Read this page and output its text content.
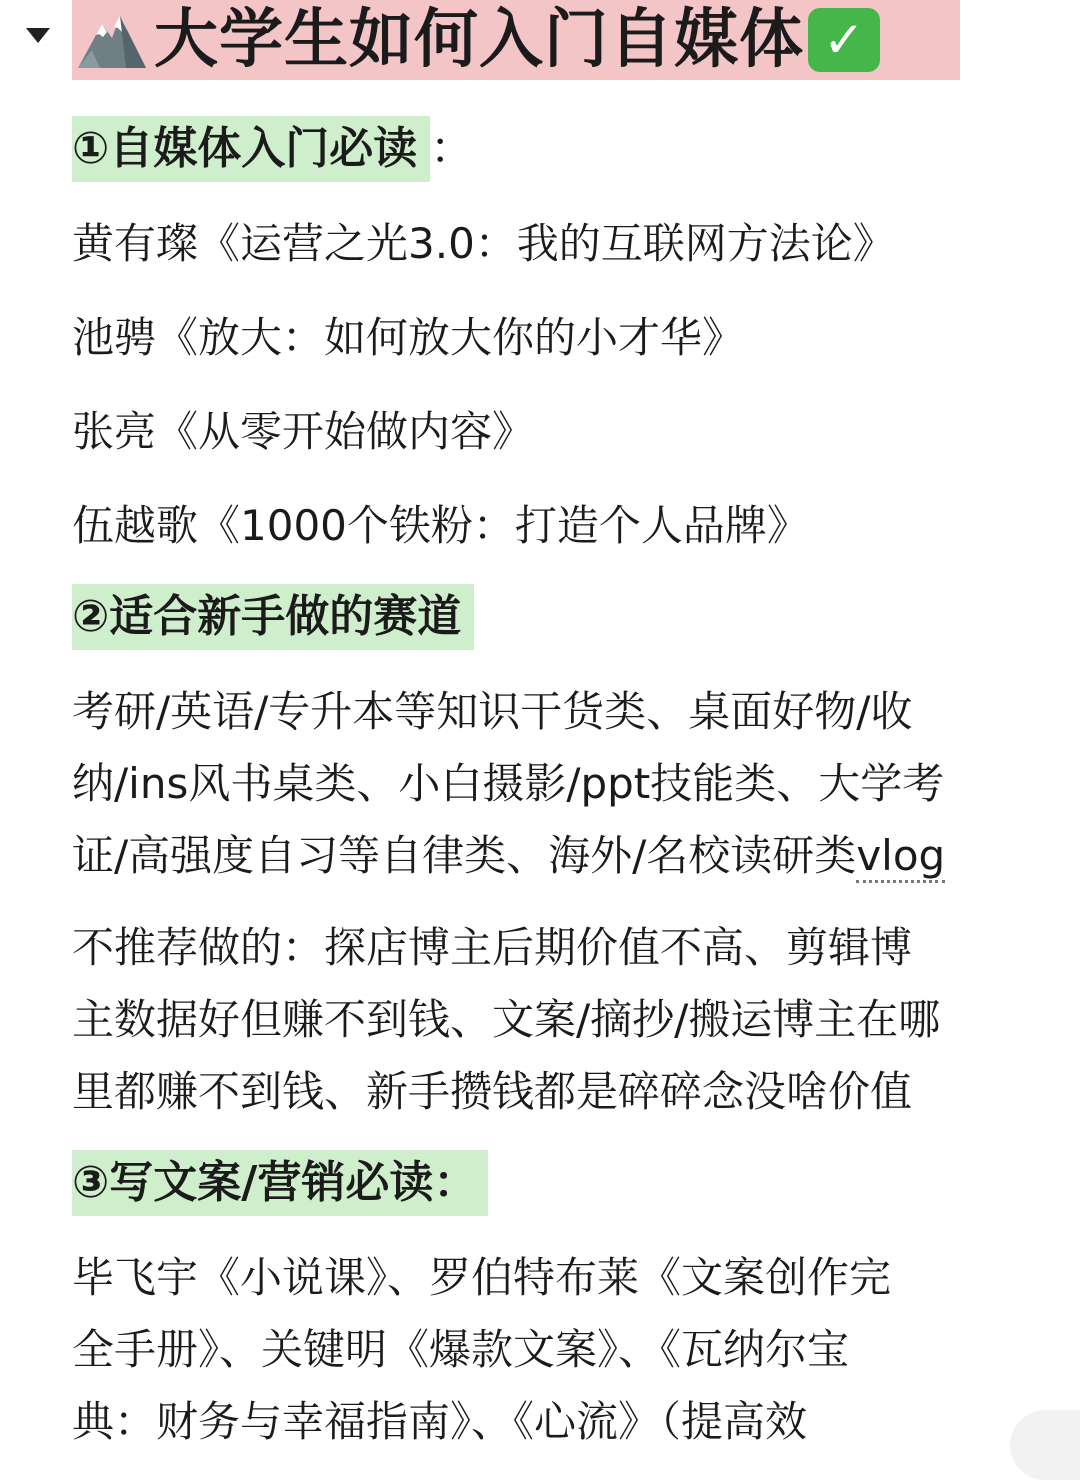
大学生如何入门自媒体 ✓
①自媒体入门必读 ：
黄有璨《运营之光3.0：我的互联网方法论》
池骋《放大：如何放大你的小才华》
张亮《从零开始做内容》
伍越歌《1000个铁粉：打造个人品牌》
②适合新手做的赛道
考研/英语/专升本等知识干货类、桌面好物/收
纳/ins风书桌类、小白摄影/ppt技能类、大学考
证/高强度自习等自律类、海外/名校读研类vlog
不推荐做的：探店博主后期价值不高、剪辑博
主数据好但赚不到钱、文案/摘抄/搬运博主在哪
里都赚不到钱、新手攒钱都是碎碎念没啥价值
③写文案/营销必读：
毕飞宇《小说课》、罗伯特布莱《文案创作完
全手册》、关键明《爆款文案》、《瓦纳尔宝
典：财务与幸福指南》、《心流》（提高效
